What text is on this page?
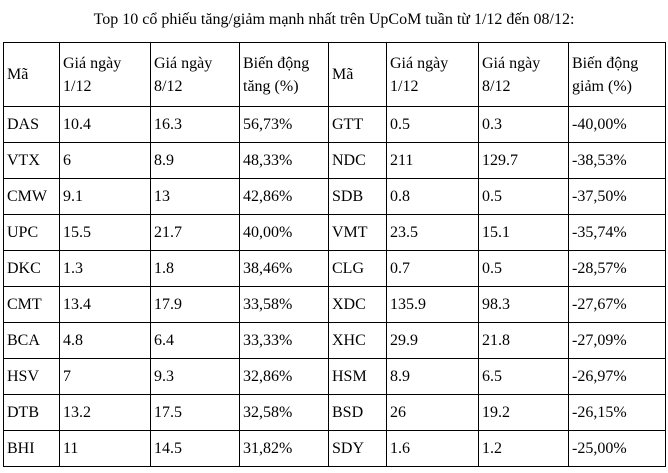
Top 10 cổ phiếu tăng/giảm mạnh nhất trên UpCoM tuần từ 1/12 đến 08/12:
Mã	Giá ngày 1/12	Giá ngày 8/12	Biến động tăng (%)	Mã	Giá ngày 1/12	Giá ngày 8/12	Biến động giảm (%)

DAS	10.4	16.3	56,73%	GTT	0.5	0.3	-40,00%
VTX	6	8.9	48,33%	NDC	211	129.7	-38,53%
CMW	9.1	13	42,86%	SDB	0.8	0.5	-37,50%
UPC	15.5	21.7	40,00%	VMT	23.5	15.1	-35,74%
DKC	1.3	1.8	38,46%	CLG	0.7	0.5	-28,57%
CMT	13.4	17.9	33,58%	XDC	135.9	98.3	-27,67%
BCA	4.8	6.4	33,33%	XHC	29.9	21.8	-27,09%
HSV	7	9.3	32,86%	HSM	8.9	6.5	-26,97%
DTB	13.2	17.5	32,58%	BSD	26	19.2	-26,15%
BHI	11	14.5	31,82%	SDY	1.6	1.2	-25,00%
